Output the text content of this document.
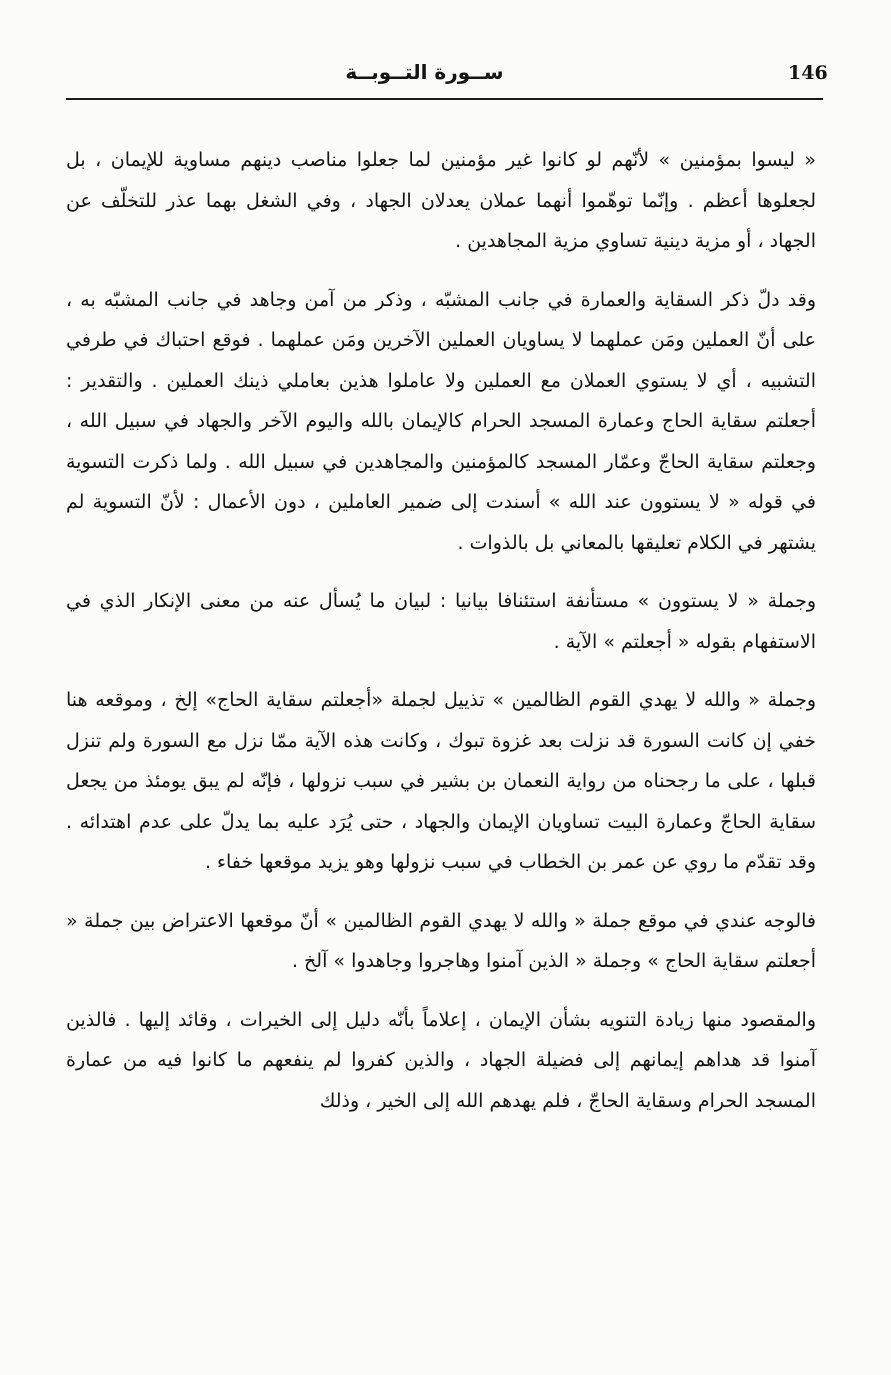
ســورة التــوبــة	146

« ليسوا بمؤمنين » لأنّهم لو كانوا غير مؤمنين لما جعلوا مناصب دينهم مساوية للإيمان ، بل لجعلوها أعظم . وإنّما توهّموا أنهما عملان يعدلان الجهاد ، وفي الشغل بهما عذر للتخلّف عن الجهاد ، أو مزية دينية تساوي مزية المجاهدين .

وقد دلّ ذكر السقاية والعمارة في جانب المشبّه ، وذكر من آمن وجاهد في جانب المشبّه به ، على أنّ العملين ومَن عملهما لا يساويان العملين الآخرين ومَن عملهما . فوقع احتباك في طرفي التشبيه ، أي لا يستوي العملان مع العملين ولا عاملوا هذين بعاملي ذينك العملين . والتقدير : أجعلتم سقاية الحاج وعمارة المسجد الحرام كالإيمان بالله واليوم الآخر والجهاد في سبيل الله ، وجعلتم سقاية الحاجّ وعمّار المسجد كالمؤمنين والمجاهدين في سبيل الله . ولما ذكرت التسوية في قوله « لا يستوون عند الله » أسندت إلى ضمير العاملين ، دون الأعمال : لأنّ التسوية لم يشتهر في الكلام تعليقها بالمعاني بل بالذوات .

وجملة « لا يستوون » مستأنفة استئنافا بيانيا : لبيان ما يُسأل عنه من معنى الإنكار الذي في الاستفهام بقوله « أجعلتم » الآية .

وجملة « والله لا يهدي القوم الظالمين » تذييل لجملة «أجعلتم سقاية الحاج» إلخ ، وموقعه هنا خفي إن كانت السورة قد نزلت بعد غزوة تبوك ، وكانت هذه الآية ممّا نزل مع السورة ولم تنزل قبلها ، على ما رجحناه من رواية النعمان بن بشير في سبب نزولها ، فإنّه لم يبق يومئذ من يجعل سقاية الحاجّ وعمارة البيت تساويان الإيمان والجهاد ، حتى يُرَد عليه بما يدلّ على عدم اهتدائه . وقد تقدّم ما روي عن عمر بن الخطاب في سبب نزولها وهو يزيد موقعها خفاء .

فالوجه عندي في موقع جملة « والله لا يهدي القوم الظالمين » أنّ موقعها الاعتراض بين جملة « أجعلتم سقاية الحاج » وجملة « الذين آمنوا وهاجروا وجاهدوا » آلخ .

والمقصود منها زيادة التنويه بشأن الإيمان ، إعلاماً بأنّه دليل إلى الخيرات ، وقائد إليها . فالذين آمنوا قد هداهم إيمانهم إلى فضيلة الجهاد ، والذين كفروا لم ينفعهم ما كانوا فيه من عمارة المسجد الحرام وسقاية الحاجّ ، فلم يهدهم الله إلى الخير ، وذلك
